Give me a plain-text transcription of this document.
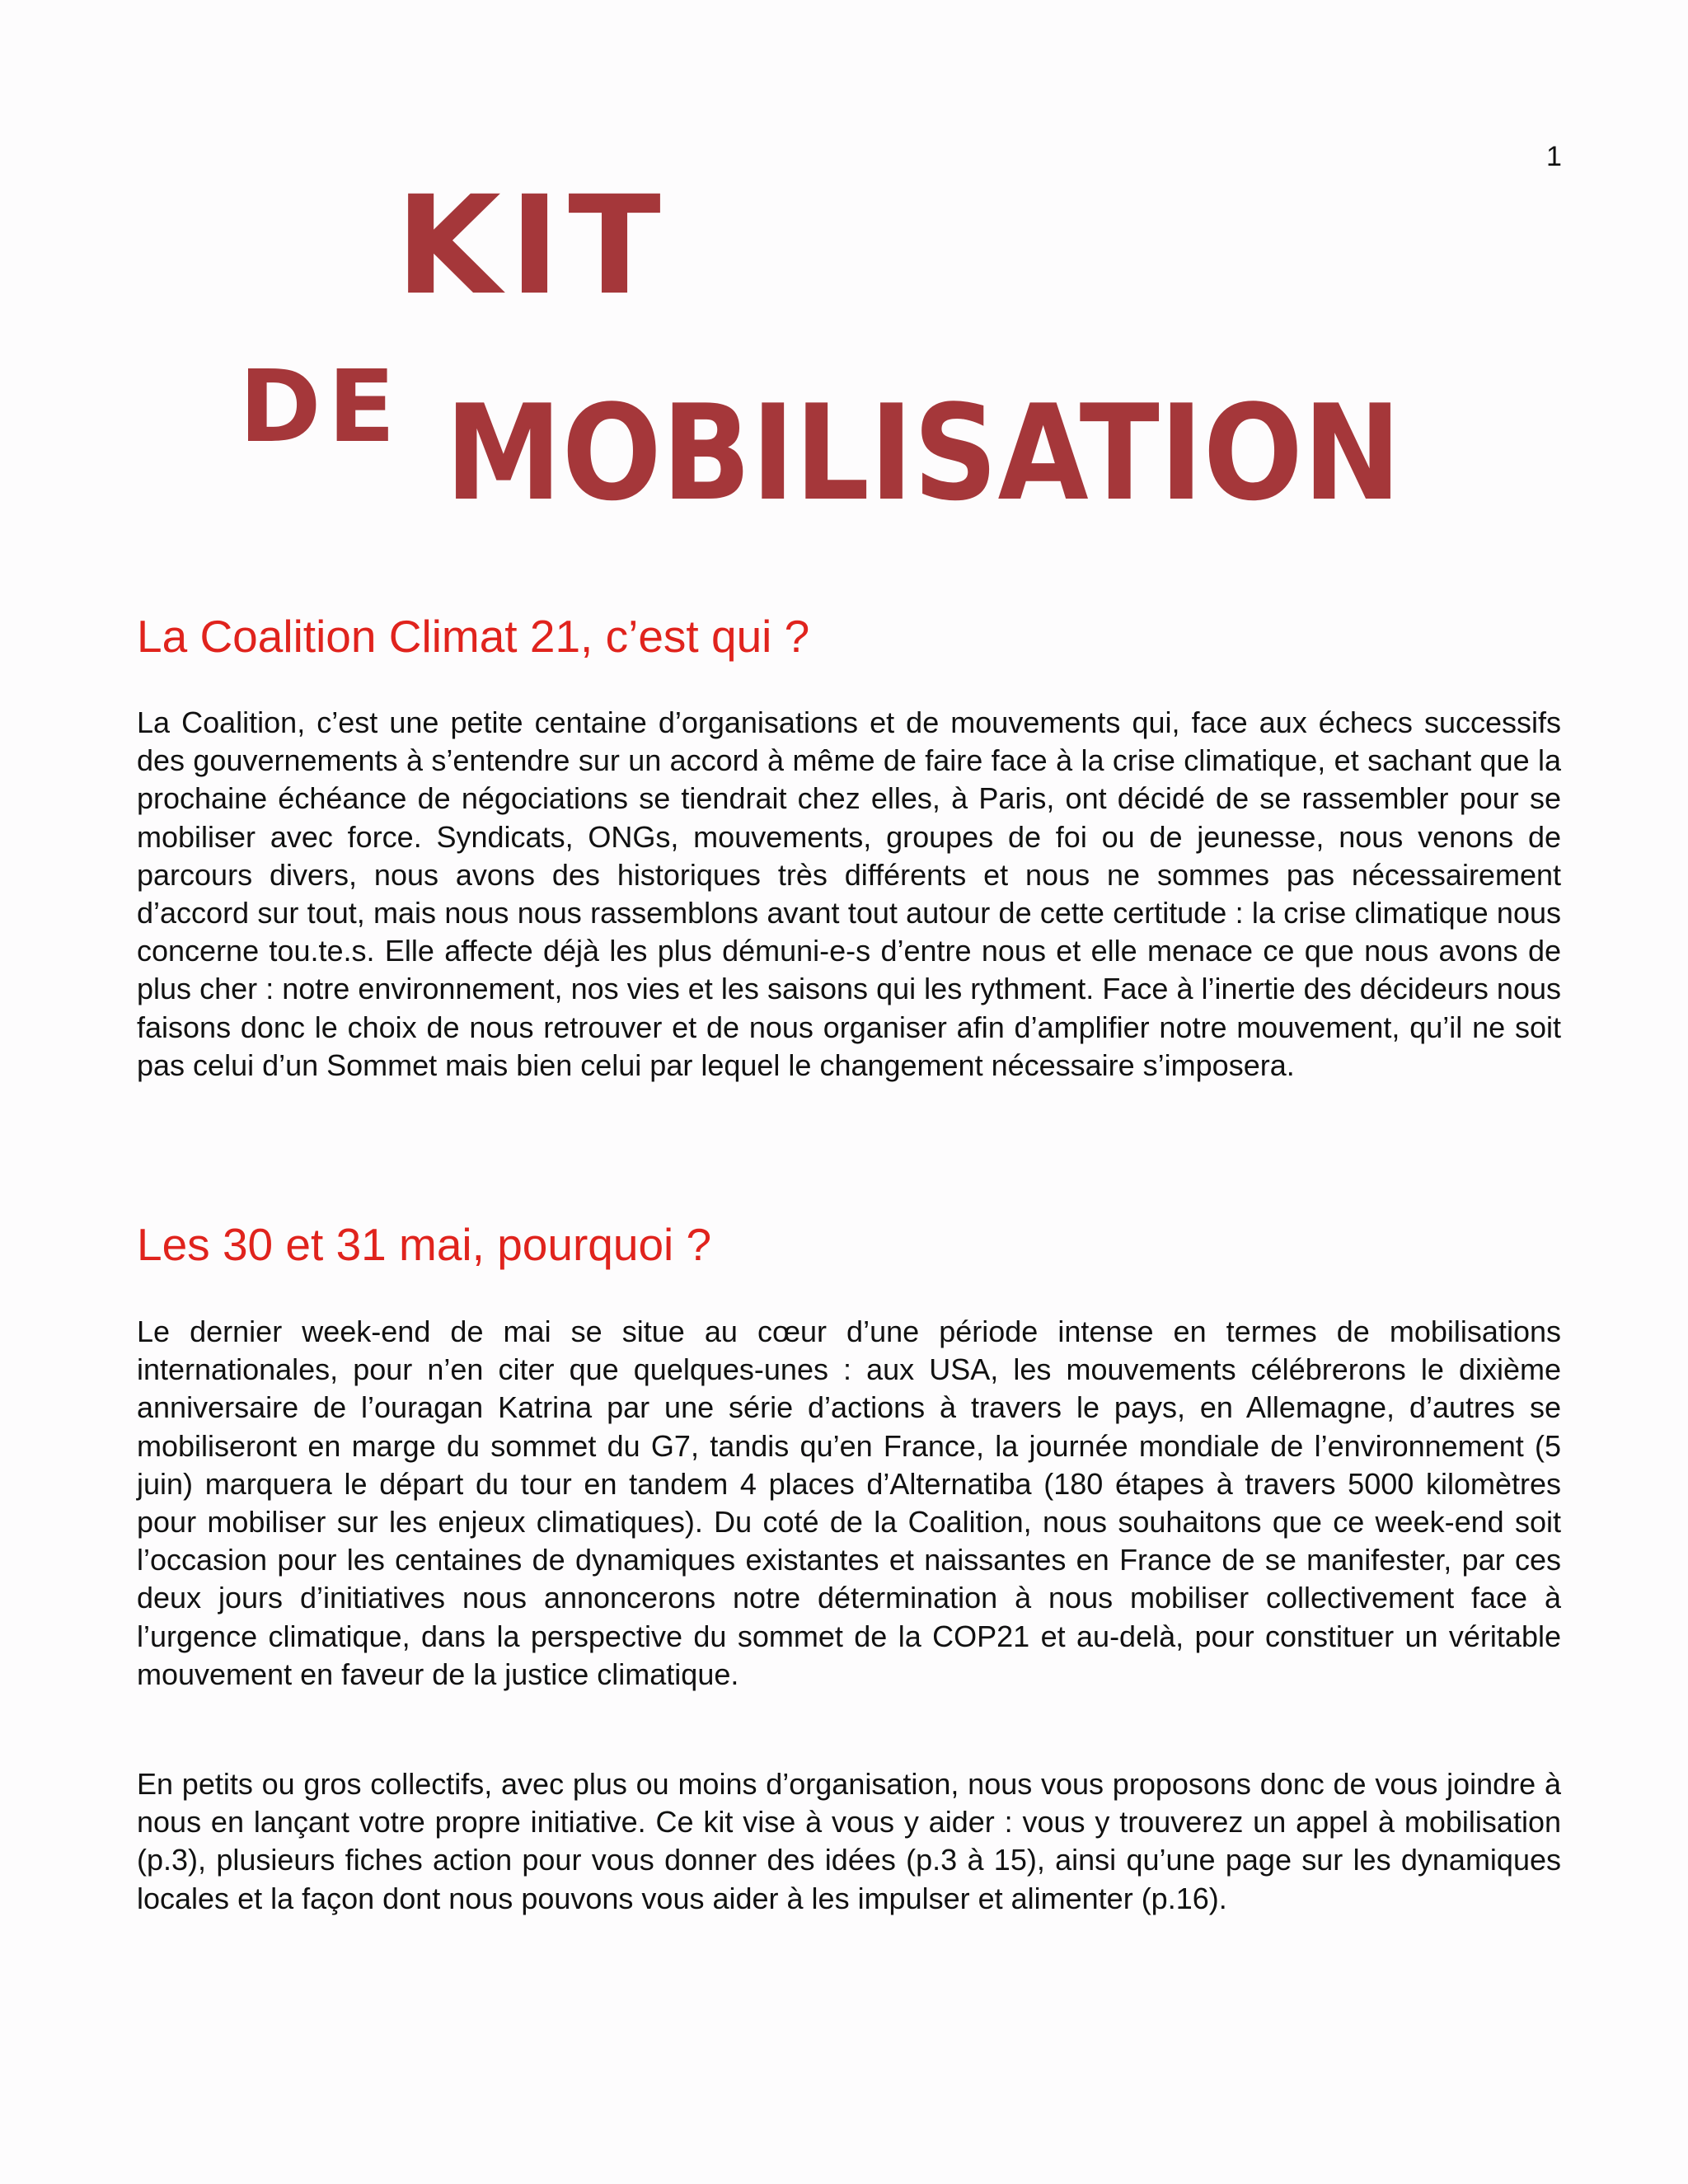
1
KIT
DE MOBILISATION
La Coalition Climat 21, c’est qui ?

La Coalition, c’est une petite centaine d’organisations et de mouvements qui, face aux échecs successifs des gouvernements à s’entendre sur un accord à même de faire face à la crise climatique, et sachant que la prochaine échéance de négociations se tiendrait chez elles, à Paris, ont décidé de se rassembler pour se mobiliser avec force. Syndicats, ONGs, mouvements, groupes de foi ou de jeunesse, nous venons de parcours divers, nous avons des historiques très différents et nous ne sommes pas nécessairement d’accord sur tout, mais nous nous rassemblons avant tout autour de cette certitude : la crise climatique nous concerne tou.te.s. Elle affecte déjà les plus démuni-e-s d’entre nous et elle menace ce que nous avons de plus cher : notre environnement, nos vies et les saisons qui les rythment. Face à l’inertie des décideurs nous faisons donc le choix de nous retrouver et de nous organiser afin d’amplifier notre mouvement, qu’il ne soit pas celui d’un Sommet mais bien celui par lequel le changement nécessaire s’imposera.

Les 30 et 31 mai, pourquoi ?

Le dernier week-end de mai se situe au cœur d’une période intense en termes de mobilisations internationales, pour n’en citer que quelques-unes : aux USA, les mouvements célébrerons le dixième anniversaire de l’ouragan Katrina par une série d’actions à travers le pays, en Allemagne, d’autres se mobiliseront en marge du sommet du G7, tandis qu’en France, la journée mondiale de l’environnement (5 juin) marquera le départ du tour en tandem 4 places d’Alternatiba (180 étapes à travers 5000 kilomètres pour mobiliser sur les enjeux climatiques). Du coté de la Coalition, nous souhaitons que ce week-end soit l’occasion pour les centaines de dynamiques existantes et naissantes en France de se manifester, par ces deux jours d’initiatives nous annoncerons notre détermination à nous mobiliser collectivement face à l’urgence climatique, dans la perspective du sommet de la COP21 et au-delà, pour constituer un véritable mouvement en faveur de la justice climatique.

En petits ou gros collectifs, avec plus ou moins d’organisation, nous vous proposons donc de vous joindre à nous en lançant votre propre initiative. Ce kit vise à vous y aider : vous y trouverez un appel à mobilisation (p.3), plusieurs fiches action pour vous donner des idées (p.3 à 15), ainsi qu’une page sur les dynamiques locales et la façon dont nous pouvons vous aider à les impulser et alimenter (p.16).
